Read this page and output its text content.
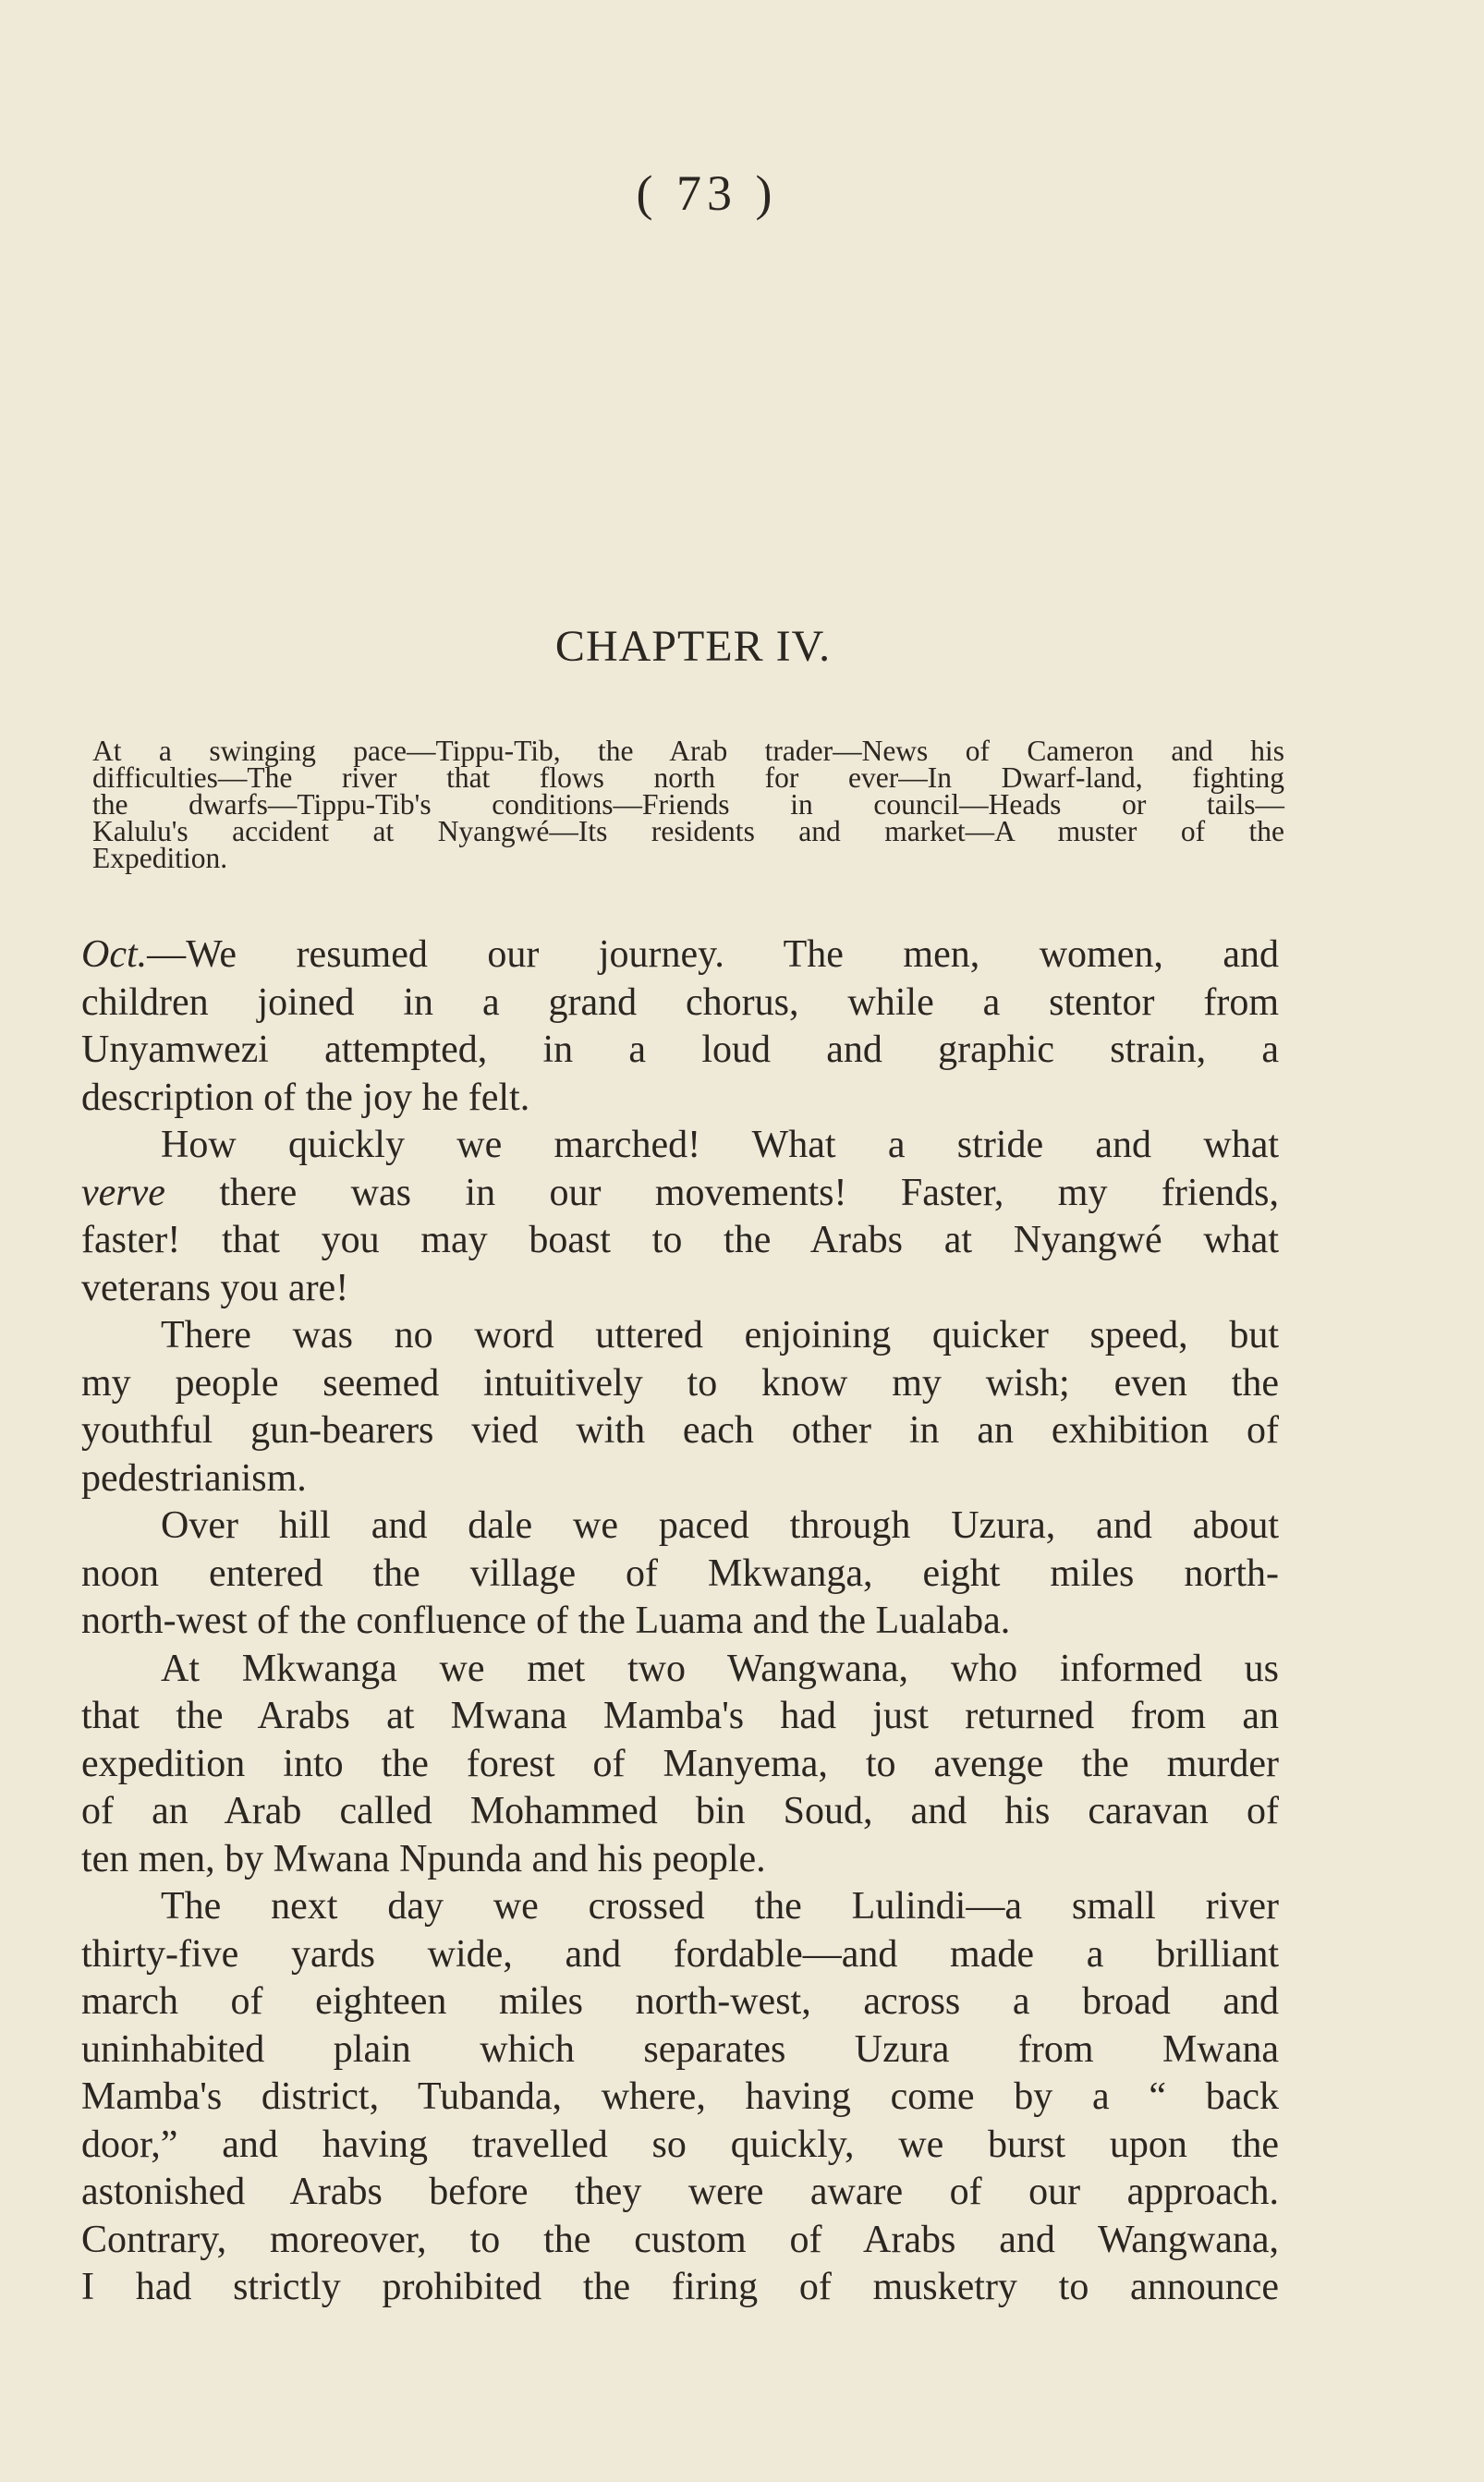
( 73 )
CHAPTER IV.
At a swinging pace—Tippu-Tib, the Arab trader—News of Cameron and his
difficulties—The river that flows north for ever—In Dwarf-land, fighting
the dwarfs—Tippu-Tib's conditions—Friends in council—Heads or tails—
Kalulu's accident at Nyangwé—Its residents and market—A muster of the
Expedition.
Oct.—We resumed our journey. The men, women, and
children joined in a grand chorus, while a stentor from
Unyamwezi attempted, in a loud and graphic strain, a
description of the joy he felt.
How quickly we marched! What a stride and what
verve there was in our movements! Faster, my friends,
faster! that you may boast to the Arabs at Nyangwé what
veterans you are!
There was no word uttered enjoining quicker speed, but
my people seemed intuitively to know my wish; even the
youthful gun-bearers vied with each other in an exhibition of
pedestrianism.
Over hill and dale we paced through Uzura, and about
noon entered the village of Mkwanga, eight miles north-
north-west of the confluence of the Luama and the Lualaba.
At Mkwanga we met two Wangwana, who informed us
that the Arabs at Mwana Mamba's had just returned from an
expedition into the forest of Manyema, to avenge the murder
of an Arab called Mohammed bin Soud, and his caravan of
ten men, by Mwana Npunda and his people.
The next day we crossed the Lulindi—a small river
thirty-five yards wide, and fordable—and made a brilliant
march of eighteen miles north-west, across a broad and
uninhabited plain which separates Uzura from Mwana
Mamba's district, Tubanda, where, having come by a “ back
door,” and having travelled so quickly, we burst upon the
astonished Arabs before they were aware of our approach.
Contrary, moreover, to the custom of Arabs and Wangwana,
I had strictly prohibited the firing of musketry to announce
